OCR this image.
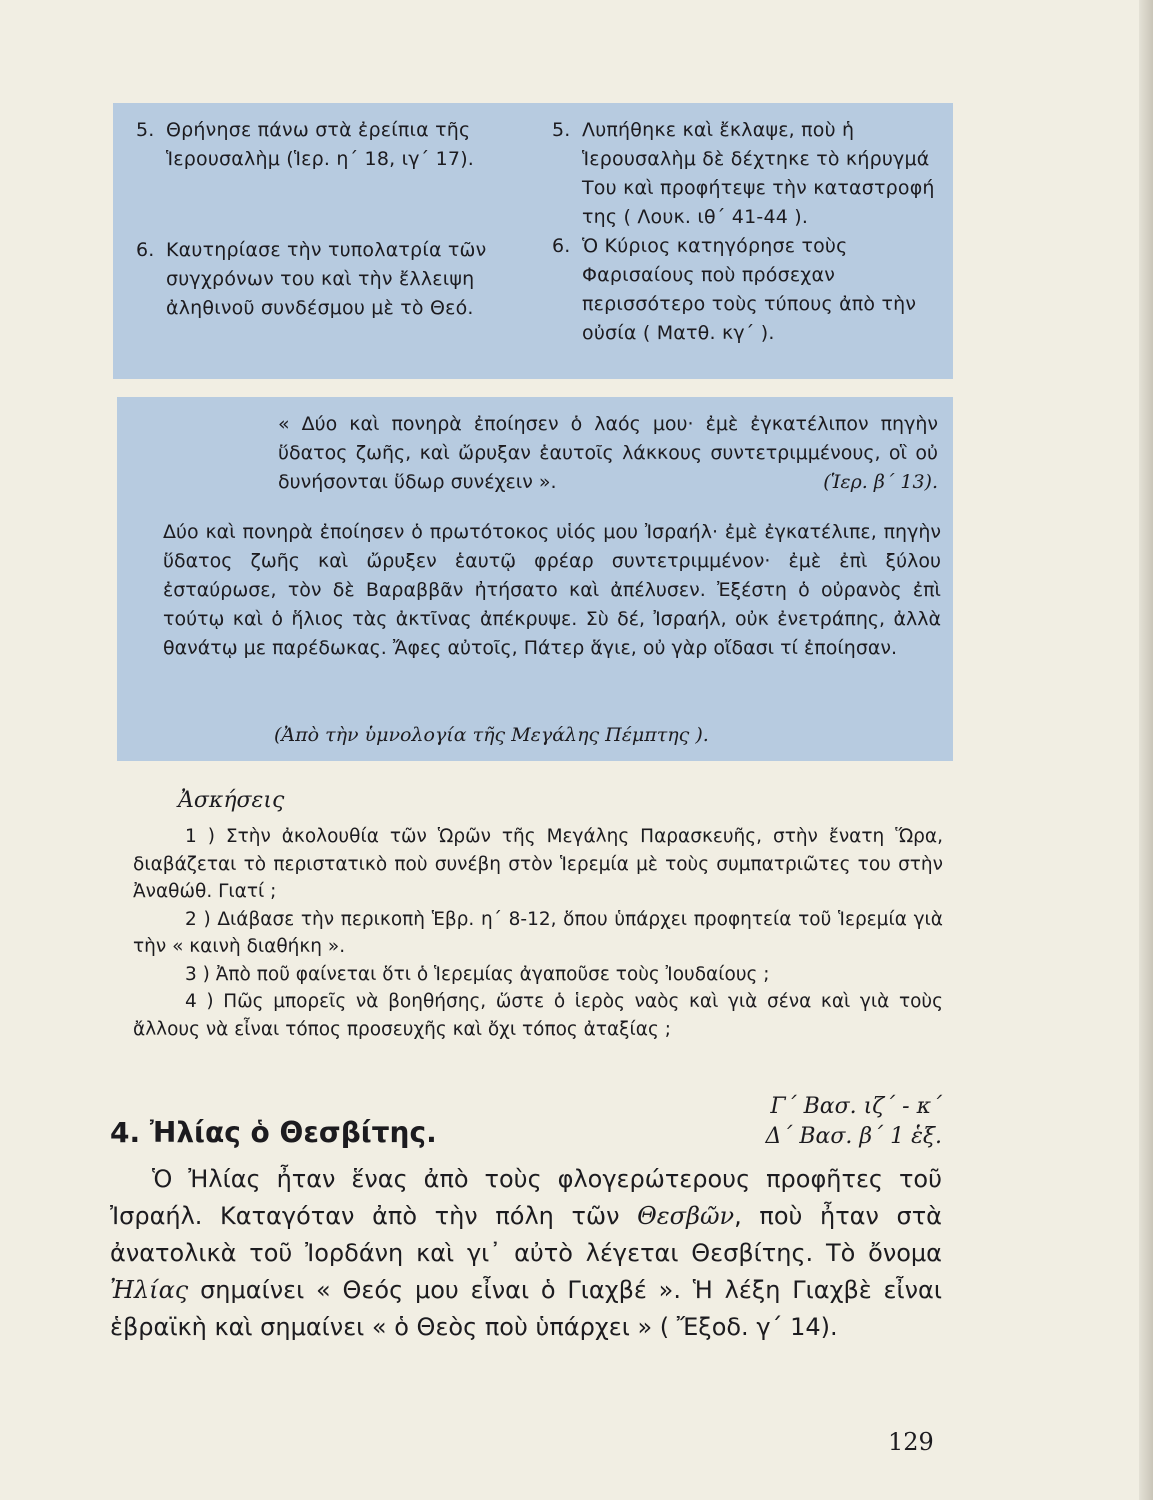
5. Θρήνησε πάνω στὰ ἐρείπια τῆς Ἱερουσαλὴμ (Ἱερ. η΄ 18, ιγ΄ 17).
6. Καυτηρίασε τὴν τυπολατρία τῶν συγχρόνων του καὶ τὴν ἔλλειψη ἀληθινοῦ συνδέσμου μὲ τὸ Θεό.
5. Λυπήθηκε καὶ ἔκλαψε, ποὺ ἡ Ἱερουσαλὴμ δὲ δέχτηκε τὸ κήρυγμά Του καὶ προφήτεψε τὴν καταστροφή της ( Λουκ. ιθ΄ 41-44 ).
6. Ὁ Κύριος κατηγόρησε τοὺς Φαρισαίους ποὺ πρόσεχαν περισσότερο τοὺς τύπους ἀπὸ τὴν οὐσία ( Ματθ. κγ΄ ).
« Δύο καὶ πονηρὰ ἐποίησεν ὁ λαός μου· ἐμὲ ἐγκατέλιπον πηγὴν ὕδατος ζωῆς, καὶ ὤρυξαν ἑαυτοῖς λάκκους συντετριμμένους, οἳ οὐ δυνήσονται ὕδωρ συνέχειν ».	(Ἱερ. β΄ 13).
Δύο καὶ πονηρὰ ἐποίησεν ὁ πρωτότοκος υἱός μου Ἰσραήλ· ἐμὲ ἐγκατέλιπε, πηγὴν ὕδατος ζωῆς καὶ ὤρυξεν ἑαυτῷ φρέαρ συντετριμμένον· ἐμὲ ἐπὶ ξύλου ἐσταύρωσε, τὸν δὲ Βαραββᾶν ἠτήσατο καὶ ἀπέλυσεν. Ἐξέστη ὁ οὐρανὸς ἐπὶ τούτῳ καὶ ὁ ἥλιος τὰς ἀκτῖνας ἀπέκρυψε. Σὺ δέ, Ἰσραήλ, οὐκ ἐνετράπης, ἀλλὰ θανάτῳ με παρέδωκας. Ἄφες αὐτοῖς, Πάτερ ἅγιε, οὐ γὰρ οἴδασι τί ἐποίησαν.
(Ἀπὸ τὴν ὑμνολογία τῆς Μεγάλης Πέμπτης ).
Ἀσκήσεις

1 ) Στὴν ἀκολουθία τῶν Ὡρῶν τῆς Μεγάλης Παρασκευῆς, στὴν ἔνατη Ὥρα, διαβάζεται τὸ περιστατικὸ ποὺ συνέβη στὸν Ἱερεμία μὲ τοὺς συμπατριῶτες του στὴν Ἀναθώθ. Γιατί ;

2 ) Διάβασε τὴν περικοπὴ Ἑβρ. η΄ 8-12, ὅπου ὑπάρχει προφητεία τοῦ Ἱερεμία γιὰ τὴν « καινὴ διαθήκη ».

3 ) Ἀπὸ ποῦ φαίνεται ὅτι ὁ Ἱερεμίας ἀγαποῦσε τοὺς Ἰουδαίους ;

4 ) Πῶς μπορεῖς νὰ βοηθήσης, ὥστε ὁ ἱερὸς ναὸς καὶ γιὰ σένα καὶ γιὰ τοὺς ἄλλους νὰ εἶναι τόπος προσευχῆς καὶ ὄχι τόπος ἀταξίας ;

Γ΄ Βασ. ιζ΄ - κ΄
Δ΄ Βασ. β΄ 1 ἑξ.
4. Ἠλίας ὁ Θεσβίτης.

Ὁ Ἠλίας ἦταν ἕνας ἀπὸ τοὺς φλογερώτερους προφῆτες τοῦ Ἰσραήλ. Καταγόταν ἀπὸ τὴν πόλη τῶν Θεσβῶν, ποὺ ἦταν στὰ ἀνατολικὰ τοῦ Ἰορδάνη καὶ γι᾽ αὐτὸ λέγεται Θεσβίτης. Τὸ ὄνομα Ἠλίας σημαίνει « Θεός μου εἶναι ὁ Γιαχβέ ». Ἡ λέξη Γιαχβὲ εἶναι ἑβραϊκὴ καὶ σημαίνει « ὁ Θεὸς ποὺ ὑπάρχει » ( Ἔξοδ. γ΄ 14).

129
